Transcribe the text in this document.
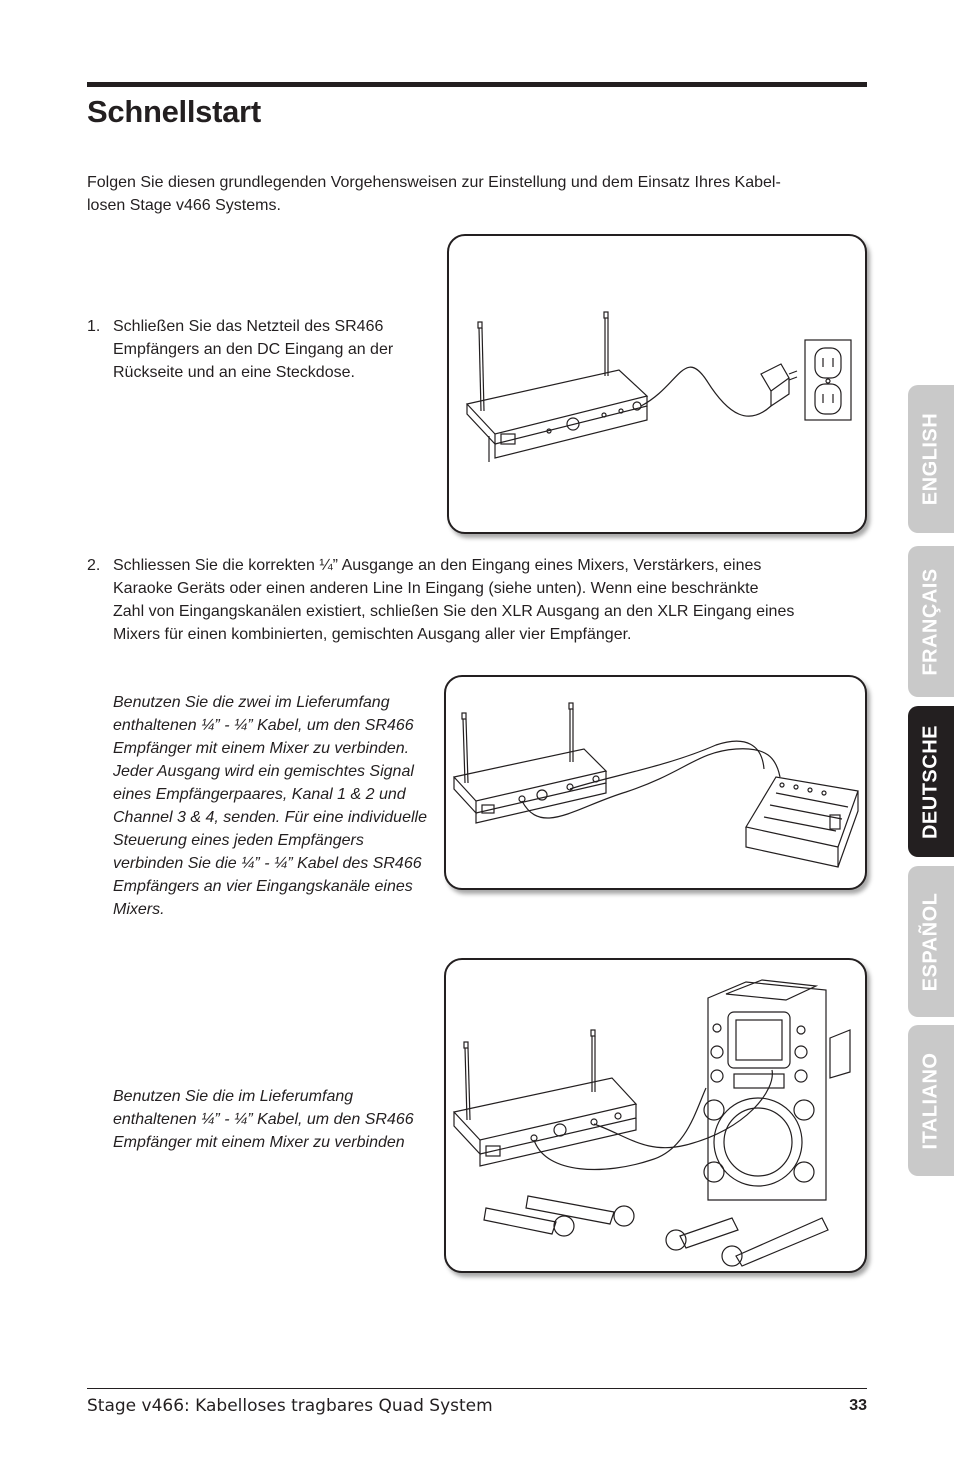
Schnellstart
Folgen Sie diesen grundlegenden Vorgehensweisen zur Einstellung und dem Einsatz Ihres Kabel-
losen Stage v466 Systems.
1. Schließen Sie das Netzteil des SR466
Empfängers an den DC Eingang an der
Rückseite und an eine Steckdose.
2. Schliessen Sie die korrekten ¼” Ausgange an den Eingang eines Mixers, Verstärkers, eines
Karaoke Geräts oder einen anderen Line In Eingang (siehe unten). Wenn eine beschränkte
Zahl von Eingangskanälen existiert, schließen Sie den XLR Ausgang an den XLR Eingang eines
Mixers für einen kombinierten, gemischten Ausgang aller vier Empfänger.
Benutzen Sie die zwei im Lieferumfang
enthaltenen ¼” - ¼” Kabel, um den SR466
Empfänger mit einem Mixer zu verbinden.
Jeder Ausgang wird ein gemischtes Signal
eines Empfängerpaares, Kanal 1 & 2 und
Channel 3 & 4, senden. Für eine individuelle
Steuerung eines jeden Empfängers
verbinden Sie die ¼” - ¼” Kabel des SR466
Empfängers an vier Eingangskanäle eines
Mixers.
Benutzen Sie die im Lieferumfang
enthaltenen ¼” - ¼” Kabel, um den SR466
Empfänger mit einem Mixer zu verbinden
ENGLISH
FRANÇAIS
DEUTSCHE
ESPAÑOL
ITALIANO
Stage v466: Kabelloses tragbares Quad System	33
